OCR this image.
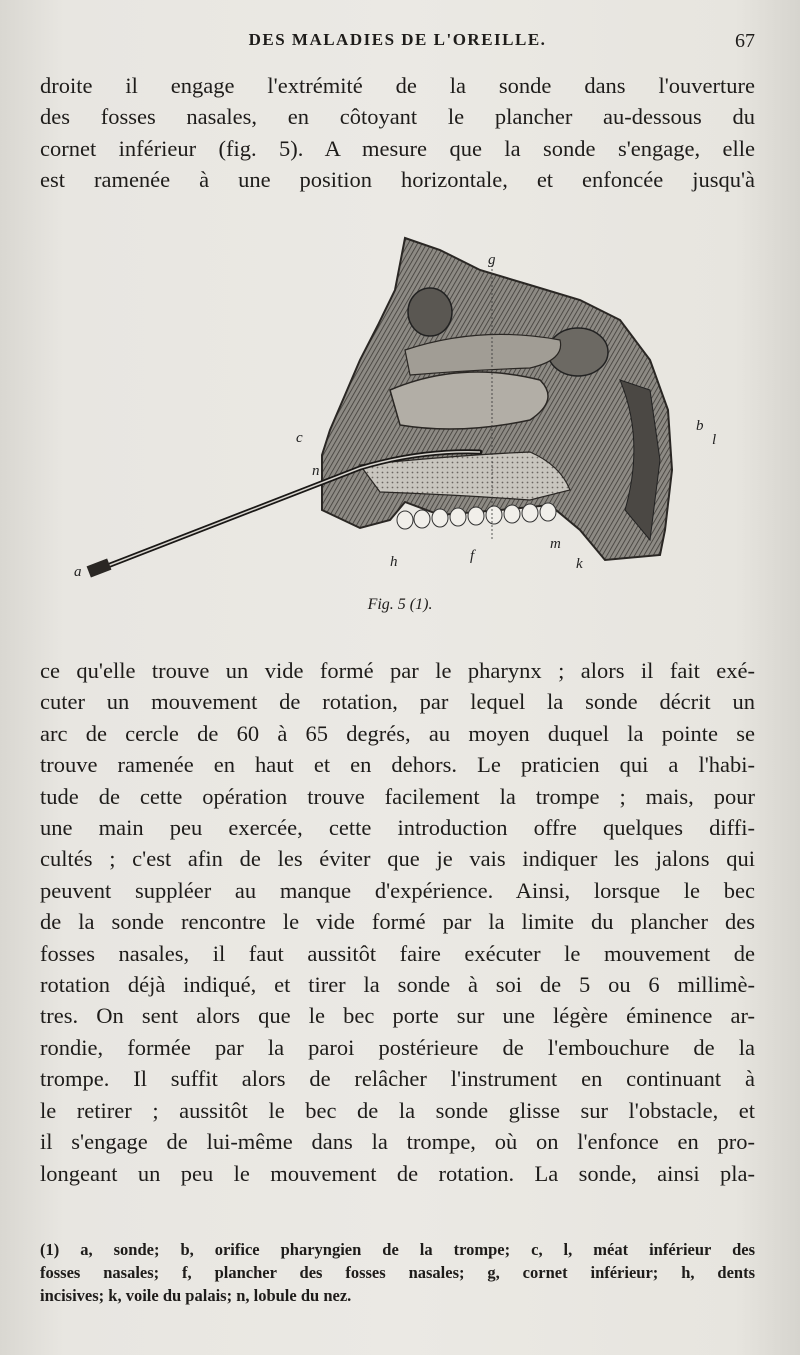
DES MALADIES DE L'OREILLE.	67
droite il engage l'extrémité de la sonde dans l'ouverture
des fosses nasales, en côtoyant le plancher au-dessous du
cornet inférieur (fig. 5). A mesure que la sonde s'engage, elle
est ramenée à une position horizontale, et enfoncée jusqu'à
g
c
n
b
l
a
h	f
m
k
Fig. 5 (1).
ce qu'elle trouve un vide formé par le pharynx ; alors il fait exé-
cuter un mouvement de rotation, par lequel la sonde décrit un
arc de cercle de 60 à 65 degrés, au moyen duquel la pointe se
trouve ramenée en haut et en dehors. Le praticien qui a l'habi-
tude de cette opération trouve facilement la trompe ; mais, pour
une main peu exercée, cette introduction offre quelques diffi-
cultés ; c'est afin de les éviter que je vais indiquer les jalons qui
peuvent suppléer au manque d'expérience. Ainsi, lorsque le bec
de la sonde rencontre le vide formé par la limite du plancher des
fosses nasales, il faut aussitôt faire exécuter le mouvement de
rotation déjà indiqué, et tirer la sonde à soi de 5 ou 6 millimè-
tres. On sent alors que le bec porte sur une légère éminence ar-
rondie, formée par la paroi postérieure de l'embouchure de la
trompe. Il suffit alors de relâcher l'instrument en continuant à
le retirer ; aussitôt le bec de la sonde glisse sur l'obstacle, et
il s'engage de lui-même dans la trompe, où on l'enfonce en pro-
longeant un peu le mouvement de rotation. La sonde, ainsi pla-
(1) a, sonde; b, orifice pharyngien de la trompe; c, l, méat inférieur des
fosses nasales; f, plancher des fosses nasales; g, cornet inférieur; h, dents
incisives; k, voile du palais; n, lobule du nez.
